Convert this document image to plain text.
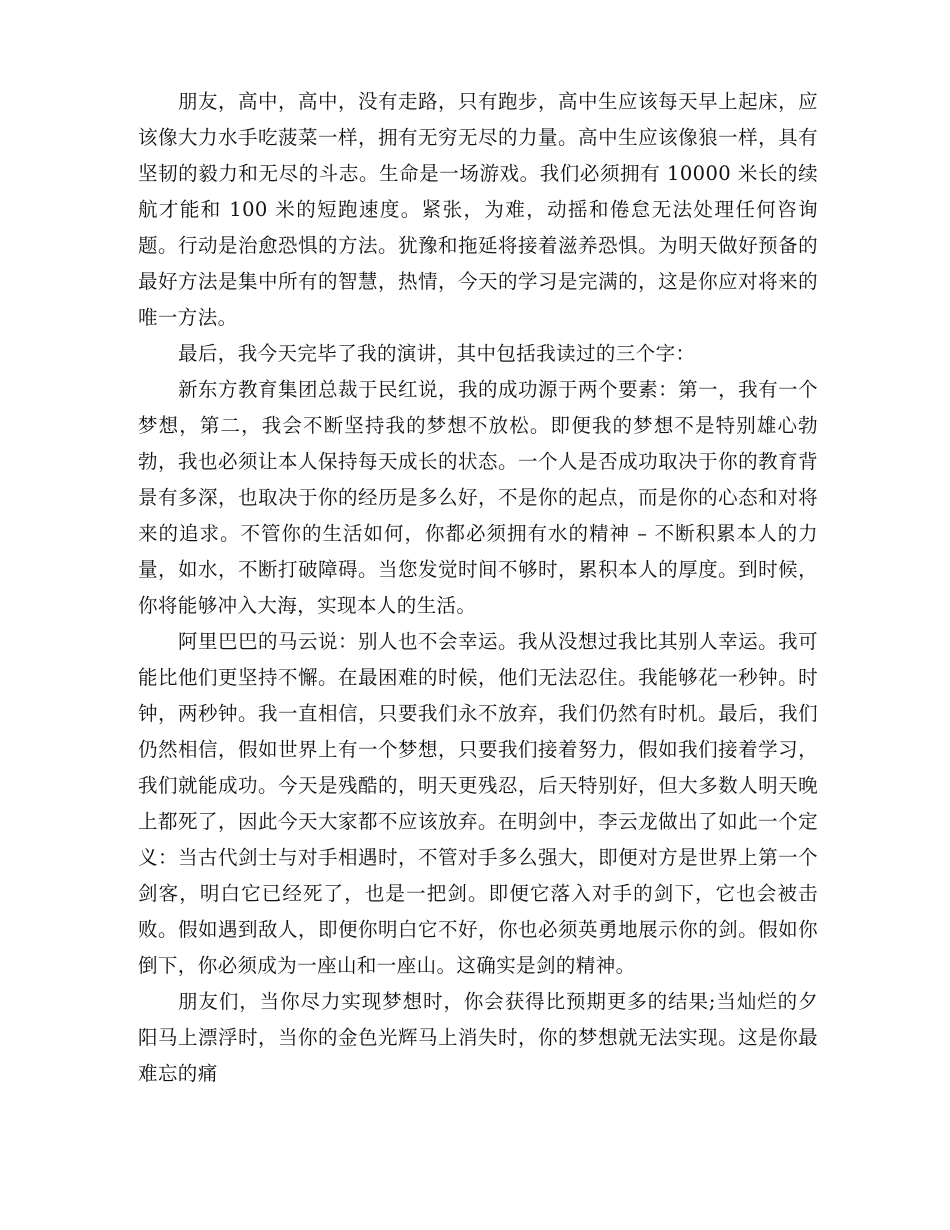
朋友，高中，高中，没有走路，只有跑步，高中生应该每天早上起床，应该像大力水手吃菠菜一样，拥有无穷无尽的力量。高中生应该像狼一样，具有坚韧的毅力和无尽的斗志。生命是一场游戏。我们必须拥有 10000 米长的续航才能和 100 米的短跑速度。紧张，为难，动摇和倦怠无法处理任何咨询题。行动是治愈恐惧的方法。犹豫和拖延将接着滋养恐惧。为明天做好预备的最好方法是集中所有的智慧，热情，今天的学习是完满的，这是你应对将来的唯一方法。

最后，我今天完毕了我的演讲，其中包括我读过的三个字：

新东方教育集团总裁于民红说，我的成功源于两个要素：第一，我有一个梦想，第二，我会不断坚持我的梦想不放松。即便我的梦想不是特别雄心勃勃，我也必须让本人保持每天成长的状态。一个人是否成功取决于你的教育背景有多深，也取决于你的经历是多么好，不是你的起点，而是你的心态和对将来的追求。不管你的生活如何，你都必须拥有水的精神 – 不断积累本人的力量，如水，不断打破障碍。当您发觉时间不够时，累积本人的厚度。到时候，你将能够冲入大海，实现本人的生活。

阿里巴巴的马云说：别人也不会幸运。我从没想过我比其别人幸运。我可能比他们更坚持不懈。在最困难的时候，他们无法忍住。我能够花一秒钟。时钟，两秒钟。我一直相信，只要我们永不放弃，我们仍然有时机。最后，我们仍然相信，假如世界上有一个梦想，只要我们接着努力，假如我们接着学习，我们就能成功。今天是残酷的，明天更残忍，后天特别好，但大多数人明天晚上都死了，因此今天大家都不应该放弃。在明剑中，李云龙做出了如此一个定义：当古代剑士与对手相遇时，不管对手多么强大，即便对方是世界上第一个剑客，明白它已经死了，也是一把剑。即便它落入对手的剑下，它也会被击败。假如遇到敌人，即便你明白它不好，你也必须英勇地展示你的剑。假如你倒下，你必须成为一座山和一座山。这确实是剑的精神。

朋友们，当你尽力实现梦想时，你会获得比预期更多的结果;当灿烂的夕阳马上漂浮时，当你的金色光辉马上消失时，你的梦想就无法实现。这是你最难忘的痛
